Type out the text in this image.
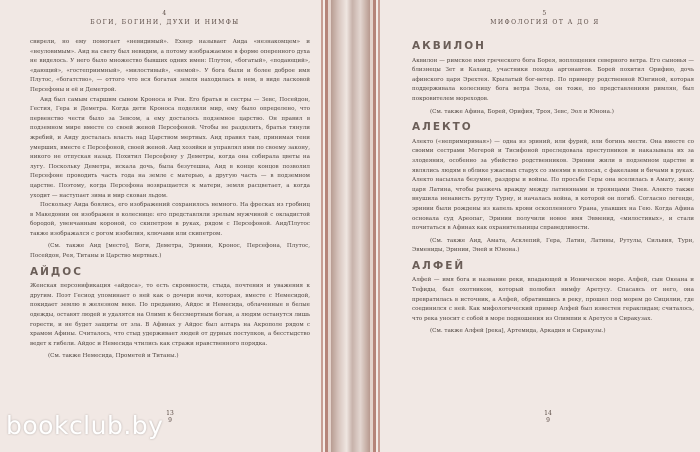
4
БОГИ, БОГИНИ, ДУХИ И НИМФЫ

свирели, но ему помогает «невидимый». Ехнер называет Аида «незнакомцем» и «неуловимым». Аид на свету был невидим, а потому изображаемое в форме оперенного духа не виделось. У него было множество бывших одних имен: Плутон, «богатый», «подающий», «дающий», «гостеприимный», «милостивый», «немой». У бога были и более доброе имя Плутос, «богатство», — оттого что вся богатая земля находилась в нем, в виде ласковой Персефоны и её и Деметрой.

Аид был самым старшим сыном Кроноса и Реи. Его братья и сестры — Зевс, Посейдон, Гестия, Гера и Деметра. Когда дети Кроноса поделили мир, ему было определено, что первенство чести было за Зевсом, а ему досталось подземное царство. Он правил в подземном мире вместе со своей женой Персефоной. Чтобы не разделить, братья тянули жребий, и Аиду досталась власть над Царством мертвых. Аид правил там, принимая тени умерших, вместе с Персефоной, своей женой. Аид хозяйки и управлял ими по своему закону, никого не отпуская назад. Похитил Персефону у Деметры, когда она собирала цветы на лугу. Поскольку Деметра, искала дочь, была безутешна, Аид в конце концов позволил Персефоне проводить часть года на земле с матерью, а другую часть — в подземном царстве. Поэтому, когда Персефона возвращается к матери, земля расцветает, а когда уходит — наступает зима и мир скован льдом.

Поскольку Аида боялись, его изображений сохранилось немного. На фресках из гробниц в Македонии он изображен в колеснице: его представляли зрелым мужчиной с окладистой бородой, увенчанным короной, со скипетром в руках, рядом с Персефоной. Аид/Плутос также изображался с рогом изобилия, ключами или скипетром.

(См. также Аид [место], Боги, Деметра, Эринии, Кронос, Персефона, Плутос, Посейдон, Рея, Титаны и Царство мертвых.)

АЙДОС

Женская персонификация «айдоса», то есть скромности, стыда, почтения и уважения к другим. Поэт Гесиод упоминает о ней как о дочери ночи, которая, вместе с Немесидой, покидает землю в железном веке. По преданию, Айдос и Немесида, облаченные в белые одежды, оставят людей и удалятся на Олимп к бессмертным богам, а людям останутся лишь горести, и не будет защиты от зла. В Афинах у Айдос был алтарь на Акрополе рядом с храмом Афины. Считалось, что стыд удерживает людей от дурных поступков, а бесстыдство ведет к гибели. Айдос и Немесида чтились как стражи нравственного порядка.

(См. также Немесида, Прометей и Титаны.)

13
9
5
МИФОЛОГИЯ ОТ А ДО Я
АКВИЛОН

Аквилон — римское имя греческого бога Борея, воплощения северного ветра. Его сыновья — близнецы Зет и Калаид, участники похода аргонавтов. Борей похитил Орифию, дочь афинского царя Эрехтея. Крылатый бог-ветер. По примеру родственной Юнгиной, которая поддерживала колесницу бога ветра Эола, он тоже, по представлениям римлян, был покровителем мореходов.

(См. также Афина, Борей, Орифия, Троя, Зевс, Эол и Юнона.)

АЛЕКТО

Алекто («непримиримая») — одна из эриний, или фурий, или богинь мести. Она вместе со своими сестрами Мегерой и Тисифоной преследовала преступников и наказывала их за злодеяния, особенно за убийство родственников. Эринии жили в подземном царстве и являлись людям в облике ужасных старух со змеями в волосах, с факелами и бичами в руках. Алекто насылала безумие, раздоры и войны. По просьбе Геры она вселилась в Амату, жену царя Латина, чтобы разжечь вражду между латинянами и троянцами Энея. Алекто также внушила ненависть рутулу Турну, и началась война, в которой он погиб. Согласно легенде, эринии были рождены из капель крови оскопленного Урана, упавших на Гею. Когда Афина основала суд Ареопаг, Эринии получили новое имя Эвменид, «милостивых», и стали почитаться в Афинах как охранительницы справедливости.

(См. также Аид, Амата, Асклепий, Гера, Латин, Латины, Рутулы, Сильвия, Турн, Эвмениды, Эринии, Эней и Юнона.)

АЛФЕЙ

Алфей — имя бога и название реки, впадающей в Ионическое море. Алфей, сын Океана и Тефиды, был охотником, который полюбил нимфу Аретусу. Спасаясь от него, она превратилась в источник, а Алфей, обратившись в реку, прошел под морем до Сицилии, где соединился с ней. Как мифологический пример Алфей был известен гераклидам; считалось, что река уносит с собой в море подношения из Олимпии к Аретусе в Сиракузах.

(См. также Алфей [река], Артемида, Аркадия и Сиракузы.)

14
9
bookclub.by
